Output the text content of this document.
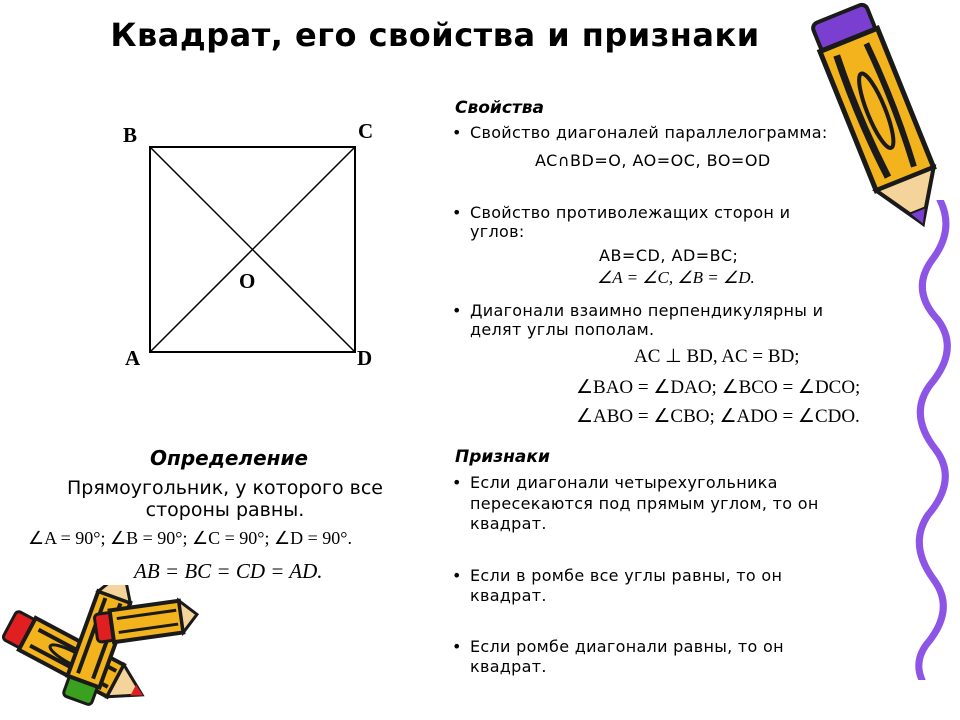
Квадрат, его свойства и признаки
B	C
A	D
O
Свойства
• Свойство диагоналей параллелограмма:
AC∩BD=O, AO=OC, BO=OD
• Свойство противолежащих сторон и
углов:
AB=CD, AD=BC;
∠A = ∠C, ∠B = ∠D.
• Диагонали взаимно перпендикулярны и
делят углы пополам.
AC ⊥ BD, AC = BD;
∠BAO = ∠DAO; ∠BCO = ∠DCO;
∠ABO = ∠CBO; ∠ADO = ∠CDO.
Определение
Прямоугольник, у которого все
стороны равны.
∠A = 90°; ∠B = 90°; ∠C = 90°; ∠D = 90°.
AB = BC = CD = AD.
Признаки
• Если диагонали четырехугольника
пересекаются под прямым углом, то он
квадрат.
• Если в ромбе все углы равны, то он
квадрат.
• Если ромбе диагонали равны, то он
квадрат.
